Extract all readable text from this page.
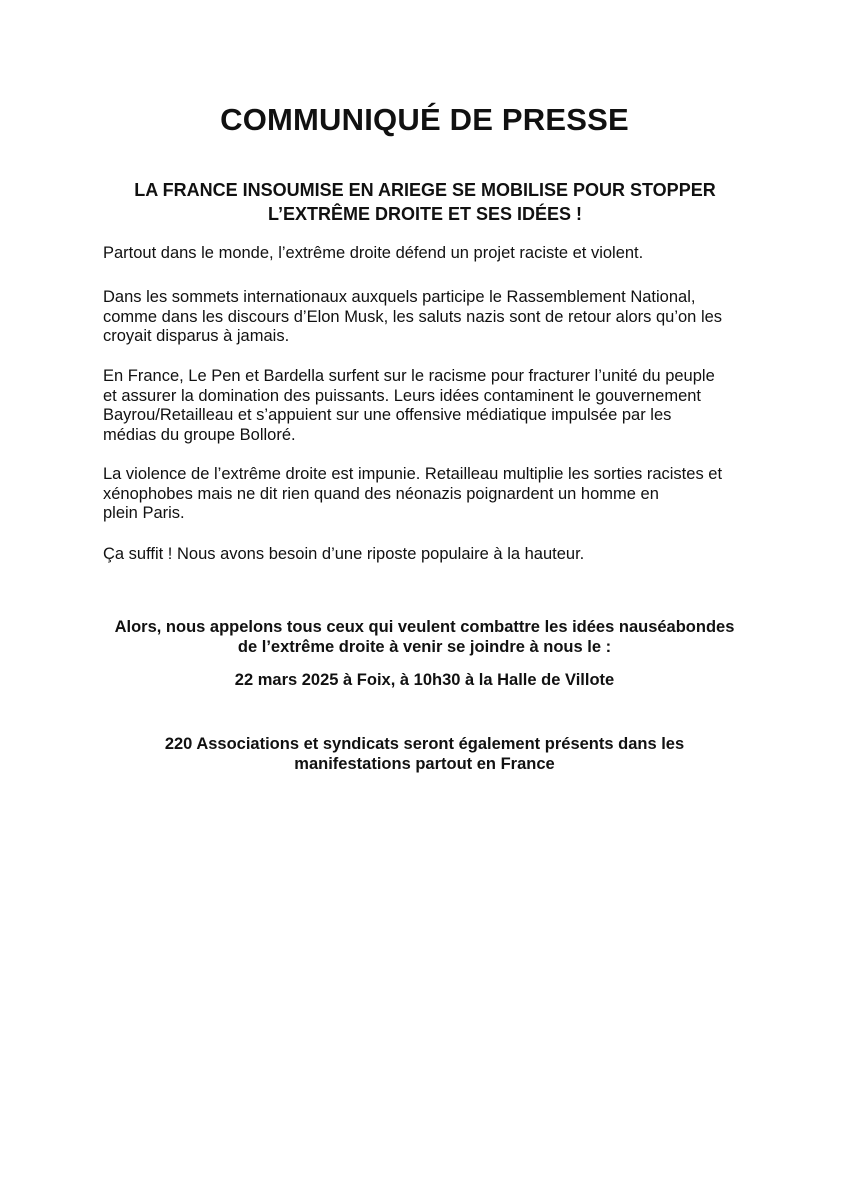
COMMUNIQUÉ DE PRESSE
LA FRANCE INSOUMISE EN ARIEGE SE MOBILISE POUR STOPPER
L’EXTRÊME DROITE ET SES IDÉES !
Partout dans le monde, l’extrême droite défend un projet raciste et violent.
Dans les sommets internationaux auxquels participe le Rassemblement National,
comme dans les discours d’Elon Musk, les saluts nazis sont de retour alors qu’on les
croyait disparus à jamais.
En France, Le Pen et Bardella surfent sur le racisme pour fracturer l’unité du peuple
et assurer la domination des puissants. Leurs idées contaminent le gouvernement
Bayrou/Retailleau et s’appuient sur une offensive médiatique impulsée par les
médias du groupe Bolloré.
La violence de l’extrême droite est impunie. Retailleau multiplie les sorties racistes et
xénophobes mais ne dit rien quand des néonazis poignardent un homme en
plein Paris.
Ça suffit ! Nous avons besoin d’une riposte populaire à la hauteur.
Alors, nous appelons tous ceux qui veulent combattre les idées nauséabondes
de l’extrême droite à venir se joindre à nous le :
22 mars 2025 à Foix, à 10h30 à la Halle de Villote
220 Associations et syndicats seront également présents dans les
manifestations partout en France
